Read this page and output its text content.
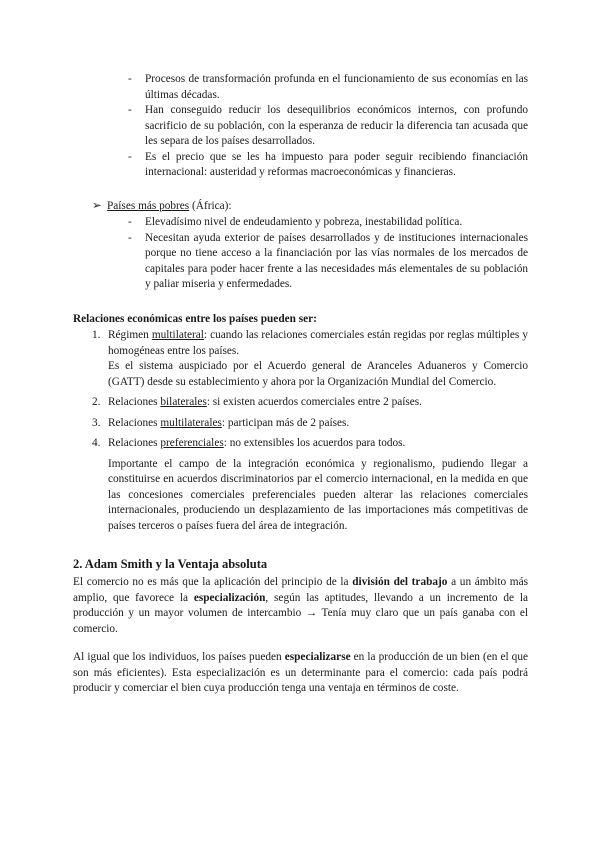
- Procesos de transformación profunda en el funcionamiento de sus economías en las últimas décadas.
- Han conseguido reducir los desequilibrios económicos internos, con profundo sacrificio de su población, con la esperanza de reducir la diferencia tan acusada que les separa de los países desarrollados.
- Es el precio que se les ha impuesto para poder seguir recibiendo financiación internacional: austeridad y reformas macroeconómicas y financieras.
➢ Países más pobres (África):
- Elevadísimo nivel de endeudamiento y pobreza, inestabilidad política.
- Necesitan ayuda exterior de países desarrollados y de instituciones internacionales porque no tiene acceso a la financiación por las vías normales de los mercados de capitales para poder hacer frente a las necesidades más elementales de su población y paliar miseria y enfermedades.
Relaciones económicas entre los países pueden ser:
1. Régimen multilateral: cuando las relaciones comerciales están regidas por reglas múltiples y homogéneas entre los países.
Es el sistema auspiciado por el Acuerdo general de Aranceles Aduaneros y Comercio (GATT) desde su establecimiento y ahora por la Organización Mundial del Comercio.
2. Relaciones bilaterales: si existen acuerdos comerciales entre 2 países.
3. Relaciones multilaterales: participan más de 2 países.
4. Relaciones preferenciales: no extensibles los acuerdos para todos.
Importante el campo de la integración económica y regionalismo, pudiendo llegar a constituirse en acuerdos discriminatorios par el comercio internacional, en la medida en que las concesiones comerciales preferenciales pueden alterar las relaciones comerciales internacionales, produciendo un desplazamiento de las importaciones más competitivas de países terceros o países fuera del área de integración.
2. Adam Smith y la Ventaja absoluta
El comercio no es más que la aplicación del principio de la división del trabajo a un ámbito más amplio, que favorece la especialización, según las aptitudes, llevando a un incremento de la producción y un mayor volumen de intercambio → Tenía muy claro que un país ganaba con el comercio.
Al igual que los individuos, los países pueden especializarse en la producción de un bien (en el que son más eficientes). Esta especialización es un determinante para el comercio: cada país podrá producir y comerciar el bien cuya producción tenga una ventaja en términos de coste.
